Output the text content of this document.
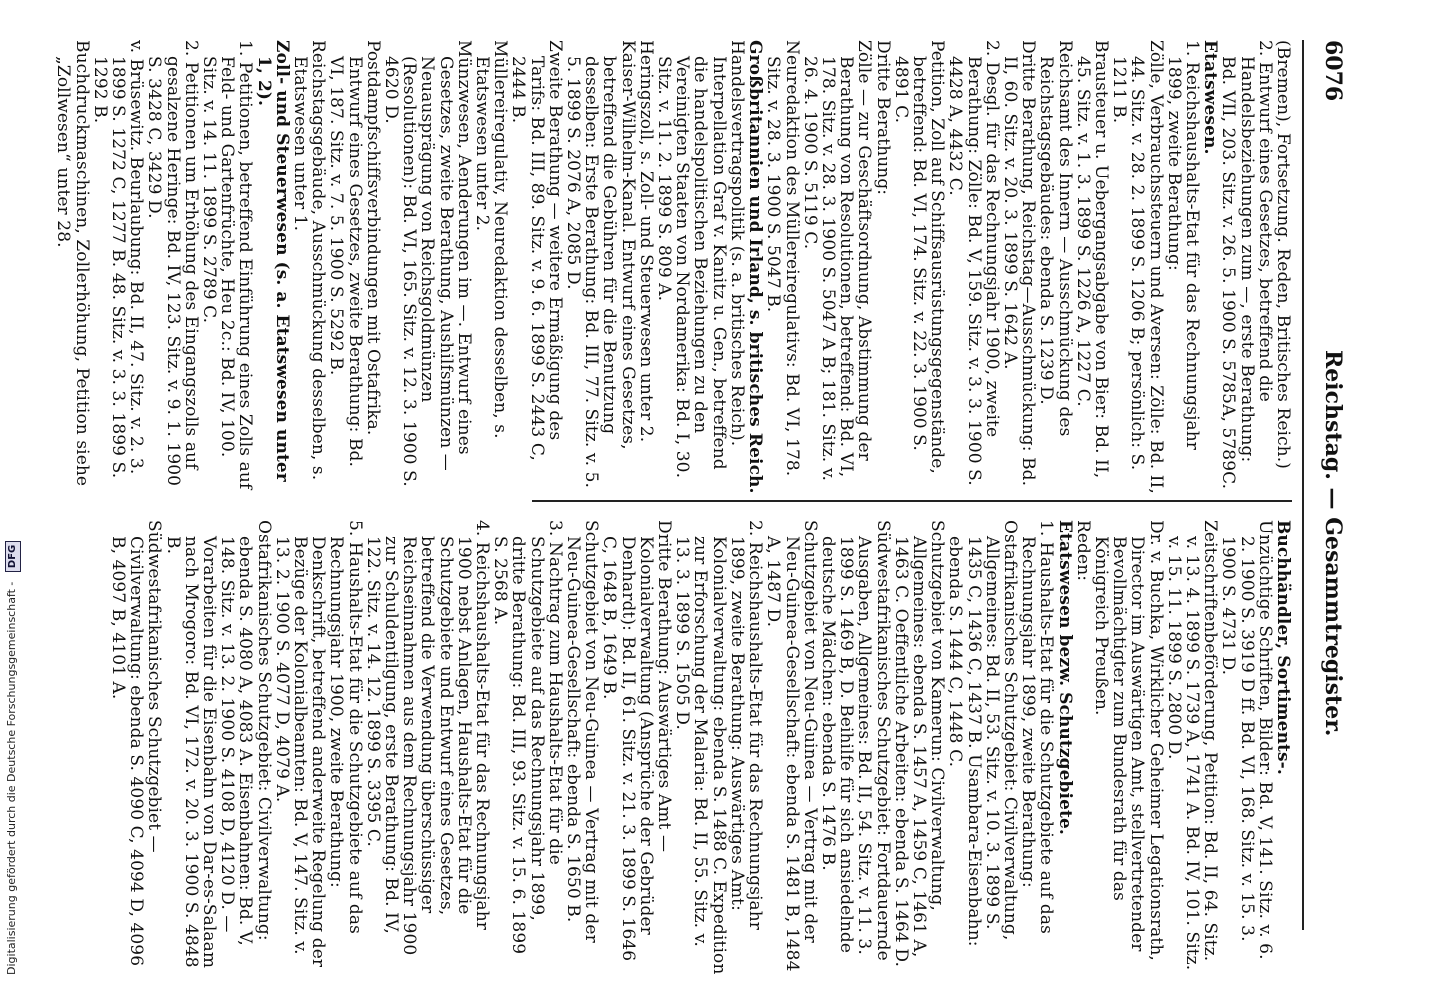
6076
Reichstag. — Gesammtregister.

(Bremen), Fortsetzung. Reden, Britisches Reich.)

2. Entwurf eines Gesetzes, betreffend die Handelsbeziehungen zum —, erste Berathung: Bd. VII, 203. Sitz. v. 26. 5. 1900 S. 5785A, 5789C.

Etatswesen.

1. Reichshaushalts-Etat für das Rechnungsjahr 1899, zweite Berathung:

Zölle, Verbrauchssteuern und Aversen: Zölle: Bd. II, 44. Sitz. v. 28. 2. 1899 S. 1206 B; persönlich: S. 1211 B.

Brausteuer u. Uebergangsabgabe von Bier: Bd. II, 45. Sitz. v. 1. 3. 1899 S. 1226 A, 1227 C.

Reichsamt des Innern — Ausschmückung des Reichstagsgebäudes: ebenda S. 1239 D.

Dritte Berathung, Reichstag—Ausschmückung: Bd. II, 60. Sitz. v. 20. 3. 1899 S. 1642 A.

2. Desgl. für das Rechnungsjahr 1900, zweite Berathung: Zölle: Bd. V, 159. Sitz. v. 3. 3. 1900 S. 4428 A, 4432 C.

Petition, Zoll auf Schiffsausrüstungsgegenstände, betreffend: Bd. VI, 174. Sitz. v. 22. 3. 1900 S. 4891 C.

Dritte Berathung:

Zölle — zur Geschäftsordnung, Abstimmung der Berathung von Resolutionen, betreffend: Bd. VI, 178. Sitz. v. 28. 3. 1900 S. 5047 A B; 181. Sitz. v. 26. 4. 1900 S. 5119 C.

Neuredaktion des Müllereiregulativs: Bd. VI, 178. Sitz. v. 28. 3. 1900 S. 5047 B.

Großbritannien und Irland, s. britisches Reich.

Handelsvertragspolitik (s. a. britisches Reich). Interpellation Graf v. Kanitz u. Gen., betreffend die handelspolitischen Beziehungen zu den Vereinigten Staaten von Nordamerika: Bd. I, 30. Sitz. v. 11. 2. 1899 S. 809 A.

Heringszoll, s. Zoll- und Steuerwesen unter 2.

Kaiser-Wilhelm-Kanal. Entwurf eines Gesetzes, betreffend die Gebühren für die Benutzung desselben: Erste Berathung: Bd. III, 77. Sitz. v. 5. 5. 1899 S. 2076 A, 2085 D.

Zweite Berathung — weitere Ermäßigung des Tarifs: Bd. III, 89. Sitz. v. 9. 6. 1899 S. 2443 C, 2444 B.

Müllereiregulativ, Neuredaktion desselben, s. Etatswesen unter 2.

Münzwesen, Aenderungen im —. Entwurf eines Gesetzes, zweite Berathung, Aushilfsmünzen — Neuausprägung von Reichsgoldmünzen (Resolutionen): Bd. VI, 165. Sitz. v. 12. 3. 1900 S. 4620 D.

Postdampfschiffsverbindungen mit Ostafrika. Entwurf eines Gesetzes, zweite Berathung: Bd. VI, 187. Sitz. v. 7. 5. 1900 S. 5292 B.

Reichstagsgebäude, Ausschmückung desselben, s. Etatswesen unter 1.

Zoll- und Steuerwesen (s. a. Etatswesen unter 1, 2).

1. Petitionen, betreffend Einführung eines Zolls auf Feld- und Gartenfrüchte, Heu 2c.: Bd. IV, 100. Sitz. v. 14. 11. 1899 S. 2789 C.

2. Petitionen um Erhöhung des Eingangszolls auf gesalzene Heringe: Bd. IV, 123. Sitz. v. 9. 1. 1900 S. 3428 C, 3429 D.

v. Brüsewitz. Beurlaubung: Bd. II, 47. Sitz. v. 2. 3. 1899 S. 1272 C, 1277 B. 48. Sitz. v. 3. 3. 1899 S. 1292 B.

Buchdruckmaschinen, Zollerhöhung, Petition siehe „Zollwesen“ unter 28.

Buchhändler, Sortiments-.

Unzüchtige Schriften, Bilder: Bd. V, 141. Sitz. v. 6. 2. 1900 S. 3919 D ff. Bd. VI, 168. Sitz. v. 15. 3. 1900 S. 4731 D.

Zeitschriftenbeförderung, Petition: Bd. II, 64. Sitz. v. 13. 4. 1899 S. 1739 A, 1741 A. Bd. IV, 101. Sitz. v. 15. 11. 1899 S. 2800 D.

Dr. v. Buchka, Wirklicher Geheimer Legationsrath, Director im Auswärtigen Amt, stellvertretender Bevollmächtigter zum Bundesrath für das Königreich Preußen.

Reden:

Etatswesen bezw. Schutzgebiete.

1. Haushalts-Etat für die Schutzgebiete auf das Rechnungsjahr 1899, zweite Berathung:

Ostafrikanisches Schutzgebiet: Civilverwaltung, Allgemeines: Bd. II, 53. Sitz. v. 10. 3. 1899 S. 1435 C, 1436 C, 1437 B. Usambara-Eisenbahn: ebenda S. 1444 C, 1448 C.

Schutzgebiet von Kamerun: Civilverwaltung, Allgemeines: ebenda S. 1457 A, 1459 C, 1461 A, 1463 C. Oeffentliche Arbeiten: ebenda S. 1464 D.

Südwestafrikanisches Schutzgebiet: Fortdauernde Ausgaben, Allgemeines: Bd. II, 54. Sitz. v. 11. 3. 1899 S. 1469 B, D. Beihilfe für sich ansiedelnde deutsche Mädchen: ebenda S. 1476 B.

Schutzgebiet von Neu-Guinea — Vertrag mit der Neu-Guinea-Gesellschaft: ebenda S. 1481 B, 1484 A, 1487 D.

2. Reichshaushalts-Etat für das Rechnungsjahr 1899, zweite Berathung: Auswärtiges Amt: Kolonialverwaltung: ebenda S. 1488 C. Expedition zur Erforschung der Malaria: Bd. II, 55. Sitz. v. 13. 3. 1899 S. 1505 D.

Dritte Berathung: Auswärtiges Amt — Kolonialverwaltung (Ansprüche der Gebrüder Denhardt): Bd. II, 61. Sitz. v. 21. 3. 1899 S. 1646 C, 1648 B, 1649 B.

Schutzgebiet von Neu-Guinea — Vertrag mit der Neu-Guinea-Gesellschaft: ebenda S. 1650 B.

3. Nachtrag zum Haushalts-Etat für die Schutzgebiete auf das Rechnungsjahr 1899, dritte Berathung: Bd. III, 93. Sitz. v. 15. 6. 1899 S. 2568 A.

4. Reichshaushalts-Etat für das Rechnungsjahr 1900 nebst Anlagen, Haushalts-Etat für die Schutzgebiete und Entwurf eines Gesetzes, betreffend die Verwendung überschüssiger Reichseinnahmen aus dem Rechnungsjahr 1900 zur Schuldentilgung, erste Berathung: Bd. IV, 122. Sitz. v. 14. 12. 1899 S. 3395 C.

5. Haushalts-Etat für die Schutzgebiete auf das Rechnungsjahr 1900, zweite Berathung: Denkschrift, betreffend anderweite Regelung der Bezüge der Kolonialbeamten: Bd. V, 147. Sitz. v. 13. 2. 1900 S. 4077 D, 4079 A.

Ostafrikanisches Schutzgebiet: Civilverwaltung: ebenda S. 4080 A, 4083 A. Eisenbahnen: Bd. V, 148. Sitz. v. 13. 2. 1900 S. 4108 D, 4120 D. — Vorarbeiten für die Eisenbahn von Dar-es-Salaam nach Mrogoro: Bd. VI, 172. v. 20. 3. 1900 S. 4848 B.

Südwestafrikanisches Schutzgebiet — Civilverwaltung: ebenda S. 4090 C, 4094 D, 4096 B, 4097 B, 4101 A.

Digitalisierung gefördert durch die Deutsche Forschungsgemeinschaft - DFG
